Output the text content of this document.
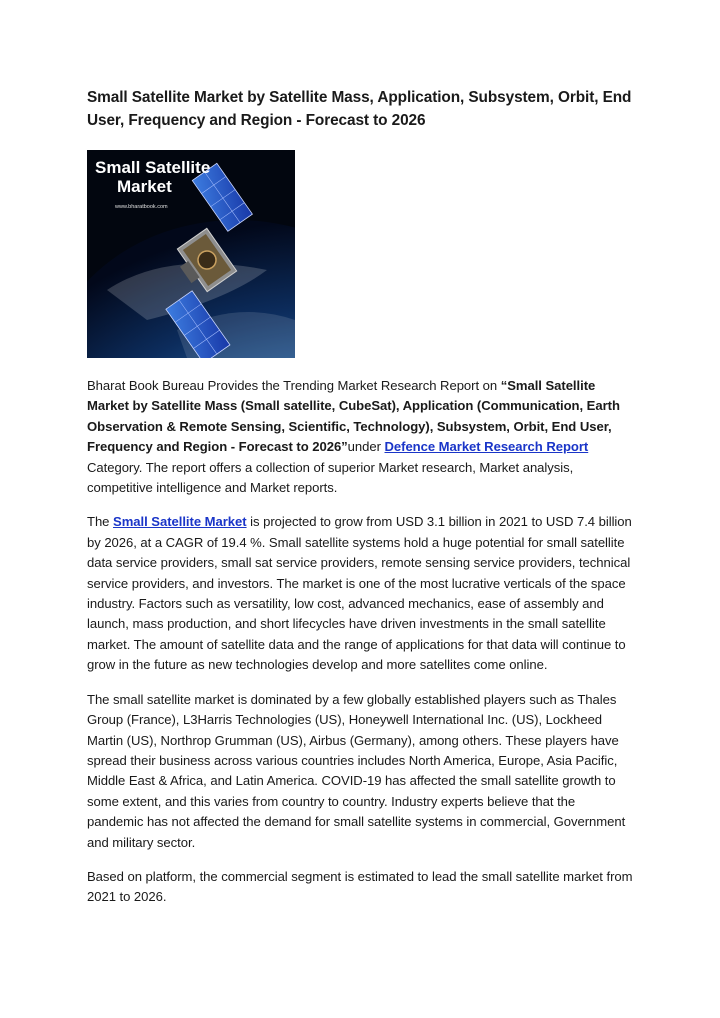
Small Satellite Market by Satellite Mass, Application, Subsystem, Orbit, End User, Frequency and Region - Forecast to 2026
Small Satellite
Market
www.bharatbook.com

Bharat Book Bureau Provides the Trending Market Research Report on “Small Satellite Market by Satellite Mass (Small satellite, CubeSat), Application (Communication, Earth Observation & Remote Sensing, Scientific, Technology), Subsystem, Orbit, End User, Frequency and Region - Forecast to 2026”under Defence Market Research Report Category. The report offers a collection of superior Market research, Market analysis, competitive intelligence and Market reports.

The Small Satellite Market is projected to grow from USD 3.1 billion in 2021 to USD 7.4 billion by 2026, at a CAGR of 19.4 %. Small satellite systems hold a huge potential for small satellite data service providers, small sat service providers, remote sensing service providers, technical service providers, and investors. The market is one of the most lucrative verticals of the space industry. Factors such as versatility, low cost, advanced mechanics, ease of assembly and launch, mass production, and short lifecycles have driven investments in the small satellite market. The amount of satellite data and the range of applications for that data will continue to grow in the future as new technologies develop and more satellites come online.

The small satellite market is dominated by a few globally established players such as Thales Group (France), L3Harris Technologies (US), Honeywell International Inc. (US), Lockheed Martin (US), Northrop Grumman (US), Airbus (Germany), among others. These players have spread their business across various countries includes North America, Europe, Asia Pacific, Middle East & Africa, and Latin America. COVID-19 has affected the small satellite growth to some extent, and this varies from country to country. Industry experts believe that the pandemic has not affected the demand for small satellite systems in commercial, Government and military sector.

Based on platform, the commercial segment is estimated to lead the small satellite market from 2021 to 2026.
